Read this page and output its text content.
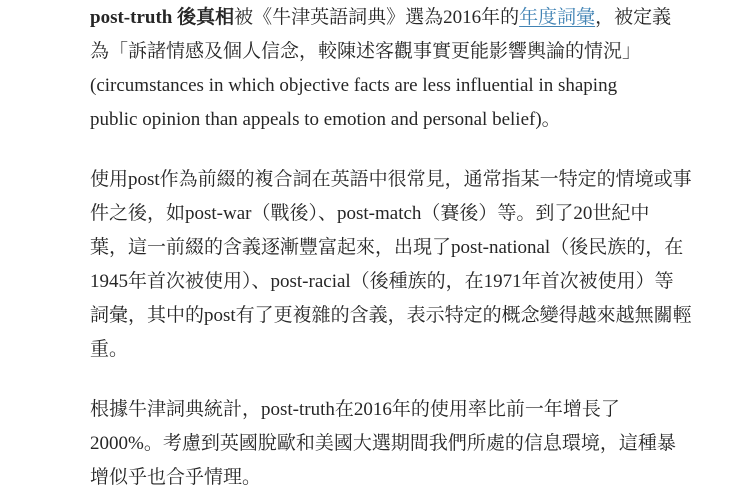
post-truth 後真相被《牛津英語詞典》選為2016年的年度詞彙，被定義
為「訴諸情感及個人信念，較陳述客觀事實更能影響輿論的情況」
(circumstances in which objective facts are less influential in shaping
public opinion than appeals to emotion and personal belief)。
使用post作為前綴的複合詞在英語中很常見，通常指某一特定的情境或事
件之後，如post-war（戰後）、post-match（賽後）等。到了20世紀中
葉，這一前綴的含義逐漸豐富起來，出現了post-national（後民族的，在
1945年首次被使用）、post-racial（後種族的，在1971年首次被使用）等
詞彙，其中的post有了更複雜的含義，表示特定的概念變得越來越無關輕
重。
根據牛津詞典統計，post-truth在2016年的使用率比前一年增長了
2000%。考慮到英國脫歐和美國大選期間我們所處的信息環境，這種暴
增似乎也合乎情理。
